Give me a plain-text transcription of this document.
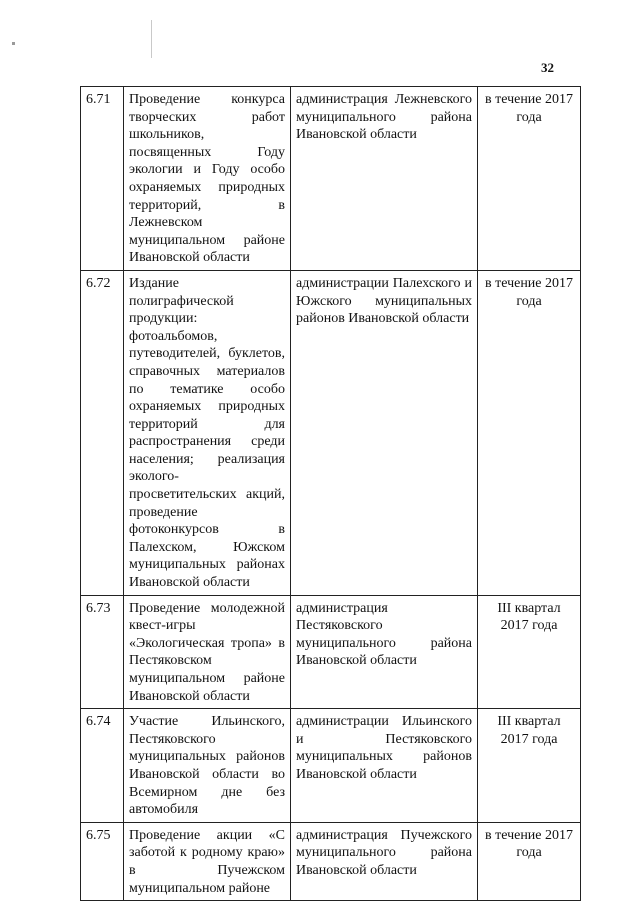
32
6.71	Проведение конкурса творческих работ школьников, посвященных Году экологии и Году особо охраняемых природных территорий, в Лежневском муниципальном районе Ивановской области	администрация Лежневского муниципального района Ивановской области	в течение 2017 года
6.72	Издание полиграфической продукции: фотоальбомов, путеводителей, буклетов, справочных материалов по тематике особо охраняемых природных территорий для распространения среди населения; реализация эколого-просветительских акций, проведение фотоконкурсов в Палехском, Южском муниципальных районах Ивановской области	администрации Палехского и Южского муниципальных районов Ивановской области	в течение 2017 года
6.73	Проведение молодежной квест-игры «Экологическая тропа» в Пестяковском муниципальном районе Ивановской области	администрация Пестяковского муниципального района Ивановской области	III квартал 2017 года
6.74	Участие Ильинского, Пестяковского муниципальных районов Ивановской области во Всемирном дне без автомобиля	администрации Ильинского и Пестяковского муниципальных районов Ивановской области	III квартал 2017 года
6.75	Проведение акции «С заботой к родному краю» в Пучежском муниципальном районе	администрация Пучежского муниципального района Ивановской области	в течение 2017 года
